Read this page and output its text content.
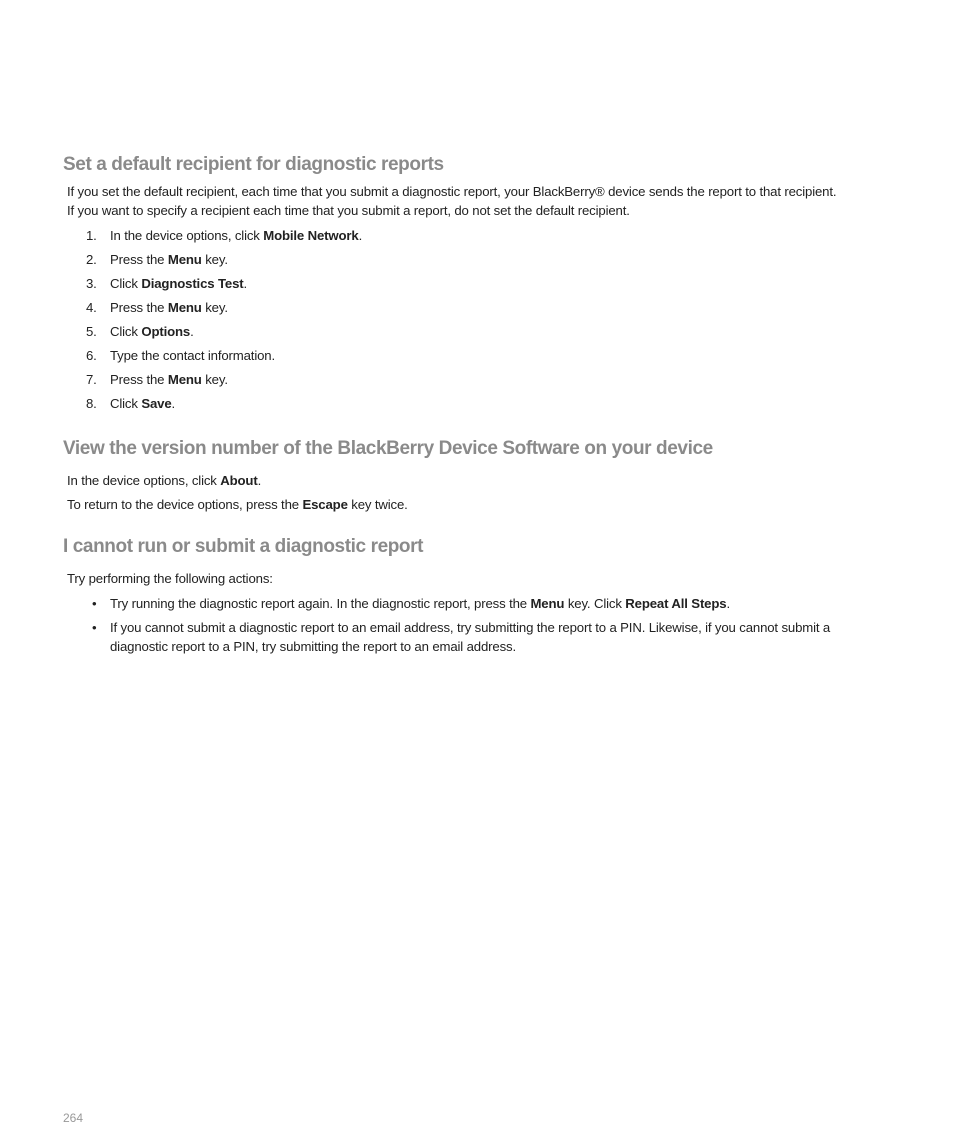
Set a default recipient for diagnostic reports

If you set the default recipient, each time that you submit a diagnostic report, your BlackBerry® device sends the report to that recipient.
If you want to specify a recipient each time that you submit a report, do not set the default recipient.

1. In the device options, click Mobile Network.
2. Press the Menu key.
3. Click Diagnostics Test.
4. Press the Menu key.
5. Click Options.
6. Type the contact information.
7. Press the Menu key.
8. Click Save.
View the version number of the BlackBerry Device Software on your device

In the device options, click About.

To return to the device options, press the Escape key twice.

I cannot run or submit a diagnostic report

Try performing the following actions:

• Try running the diagnostic report again. In the diagnostic report, press the Menu key. Click Repeat All Steps.
• If you cannot submit a diagnostic report to an email address, try submitting the report to a PIN. Likewise, if you cannot submit a
diagnostic report to a PIN, try submitting the report to an email address.
264
